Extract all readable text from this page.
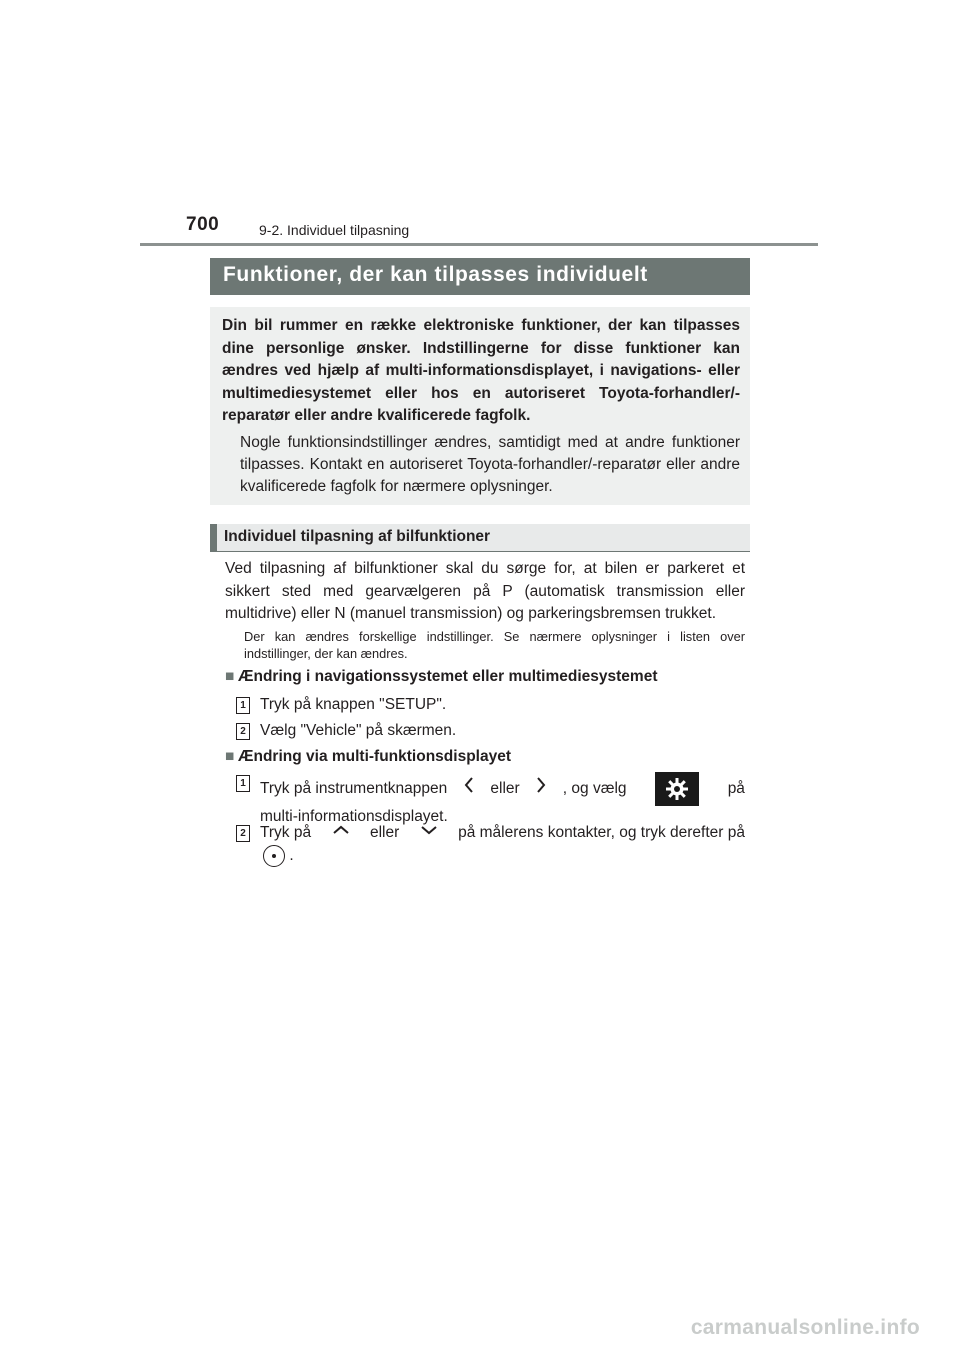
700	9-2. Individuel tilpasning
Funktioner, der kan tilpasses individuelt

Din bil rummer en række elektroniske funktioner, der kan tilpasses dine personlige ønsker. Indstillingerne for disse funktioner kan ændres ved hjælp af multi-informationsdisplayet, i navigations- eller multimediesystemet eller hos en autoriseret Toyota-forhandler/-reparatør eller andre kvalificerede fagfolk.

Nogle funktionsindstillinger ændres, samtidigt med at andre funktioner tilpasses. Kontakt en autoriseret Toyota-forhandler/-reparatør eller andre kvalificerede fagfolk for nærmere oplysninger.

Individuel tilpasning af bilfunktioner

Ved tilpasning af bilfunktioner skal du sørge for, at bilen er parkeret et sikkert sted med gearvælgeren på P (automatisk transmission eller multidrive) eller N (manuel transmission) og parkeringsbremsen trukket.

Der kan ændres forskellige indstillinger. Se nærmere oplysninger i listen over indstillinger, der kan ændres.

■ Ændring i navigationssystemet eller multimediesystemet
1 Tryk på knappen "SETUP".
2 Vælg "Vehicle" på skærmen.
■ Ændring via multi-funktionsdisplayet
1 Tryk på instrumentknappen	eller	, og vælg	på
multi-informationsdisplayet.
2 Tryk på	eller	på målerens kontakter, og tryk derefter på
.
carmanualsonline.info
